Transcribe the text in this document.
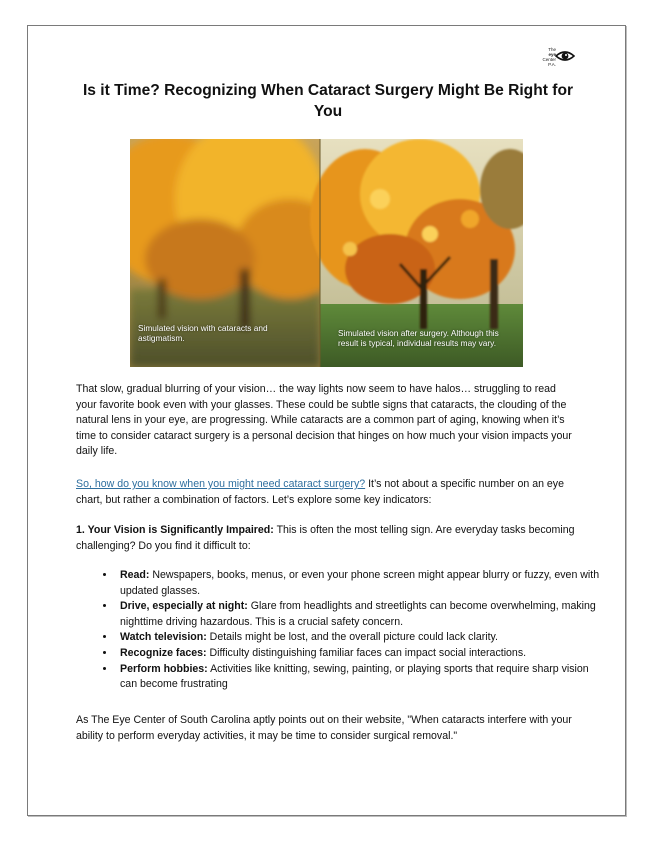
The
eye
Center P.A.
Is it Time? Recognizing When Cataract Surgery Might Be Right for You
Simulated vision with cataracts and astigmatism.	Simulated vision after surgery. Although this result is typical, individual results may vary.

That slow, gradual blurring of your vision… the way lights now seem to have halos… struggling to read your favorite book even with your glasses. These could be subtle signs that cataracts, the clouding of the natural lens in your eye, are progressing. While cataracts are a common part of aging, knowing when it’s time to consider cataract surgery is a personal decision that hinges on how much your vision impacts your daily life.

So, how do you know when you might need cataract surgery? It’s not about a specific number on an eye chart, but rather a combination of factors. Let’s explore some key indicators:

1. Your Vision is Significantly Impaired: This is often the most telling sign. Are everyday tasks becoming challenging? Do you find it difficult to:

• Read: Newspapers, books, menus, or even your phone screen might appear blurry or fuzzy, even with updated glasses.
• Drive, especially at night: Glare from headlights and streetlights can become overwhelming, making nighttime driving hazardous. This is a crucial safety concern.
• Watch television: Details might be lost, and the overall picture could lack clarity.
• Recognize faces: Difficulty distinguishing familiar faces can impact social interactions.
• Perform hobbies: Activities like knitting, sewing, painting, or playing sports that require sharp vision can become frustrating

As The Eye Center of South Carolina aptly points out on their website, "When cataracts interfere with your ability to perform everyday activities, it may be time to consider surgical removal."
